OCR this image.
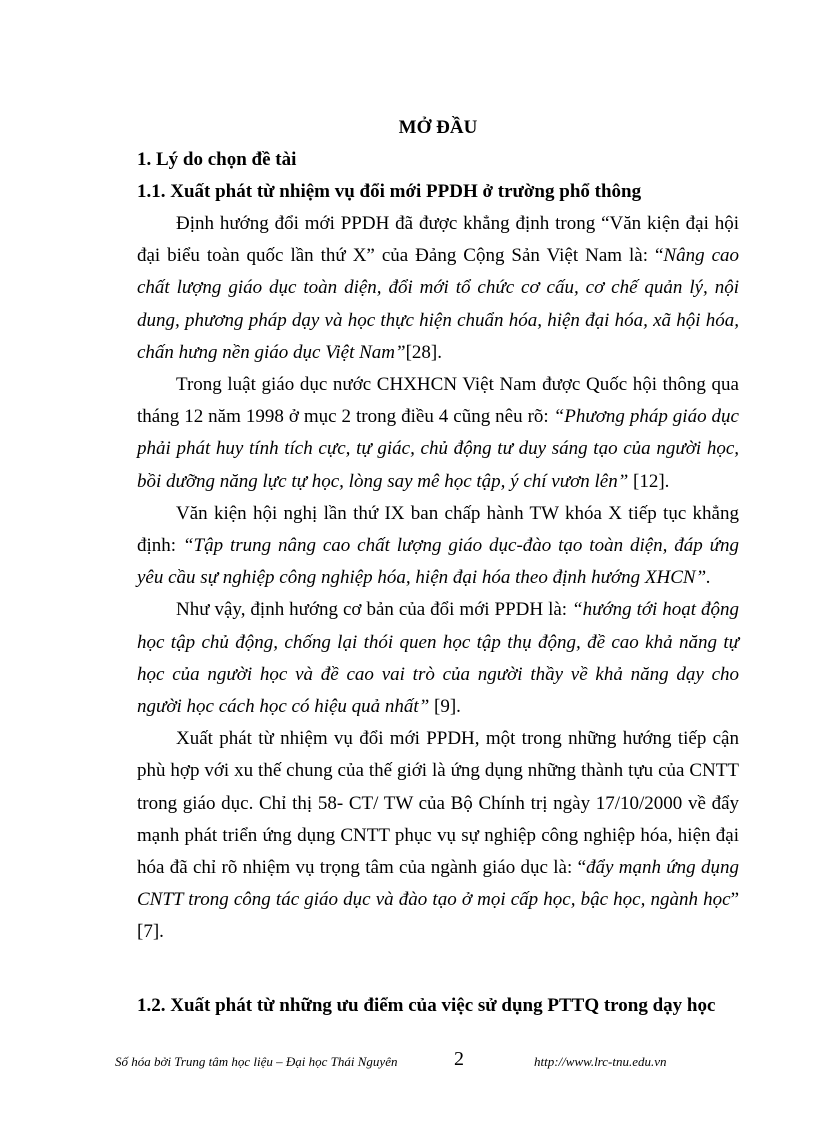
MỞ ĐẦU
1. Lý do chọn đề tài
1.1. Xuất phát từ nhiệm vụ đổi mới PPDH ở trường phổ thông

Định hướng đổi mới PPDH đã được khẳng định trong “Văn kiện đại hội đại biểu toàn quốc lần thứ X” của Đảng Cộng Sản Việt Nam là: “Nâng cao chất lượng giáo dục toàn diện, đổi mới tổ chức cơ cấu, cơ chế quản lý, nội dung, phương pháp dạy và học thực hiện chuẩn hóa, hiện đại hóa, xã hội hóa, chấn hưng nền giáo dục Việt Nam”[28].

Trong luật giáo dục nước CHXHCN Việt Nam được Quốc hội thông qua tháng 12 năm 1998 ở mục 2 trong điều 4 cũng nêu rõ: “Phương pháp giáo dục phải phát huy tính tích cực, tự giác, chủ động tư duy sáng tạo của người học, bồi dưỡng năng lực tự học, lòng say mê học tập, ý chí vươn lên” [12].

Văn kiện hội nghị lần thứ IX ban chấp hành TW khóa X tiếp tục khẳng định: “Tập trung nâng cao chất lượng giáo dục-đào tạo toàn diện, đáp ứng yêu cầu sự nghiệp công nghiệp hóa, hiện đại hóa theo định hướng XHCN”.

Như vậy, định hướng cơ bản của đổi mới PPDH là: “hướng tới hoạt động học tập chủ động, chống lại thói quen học tập thụ động, đề cao khả năng tự học của người học và đề cao vai trò của người thầy về khả năng dạy cho người học cách học có hiệu quả nhất” [9].

Xuất phát từ nhiệm vụ đổi mới PPDH, một trong những hướng tiếp cận phù hợp với xu thế chung của thế giới là ứng dụng những thành tựu của CNTT trong giáo dục. Chỉ thị 58- CT/ TW của Bộ Chính trị ngày 17/10/2000 về đẩy mạnh phát triển ứng dụng CNTT phục vụ sự nghiệp công nghiệp hóa, hiện đại hóa đã chỉ rõ nhiệm vụ trọng tâm của ngành giáo dục là: “đẩy mạnh ứng dụng CNTT trong công tác giáo dục và đào tạo ở mọi cấp học, bậc học, ngành học” [7].

1.2. Xuất phát từ những ưu điểm của việc sử dụng PTTQ trong dạy học
Số hóa bởi Trung tâm học liệu – Đại học Thái Nguyên	2	http://www.lrc-tnu.edu.vn
